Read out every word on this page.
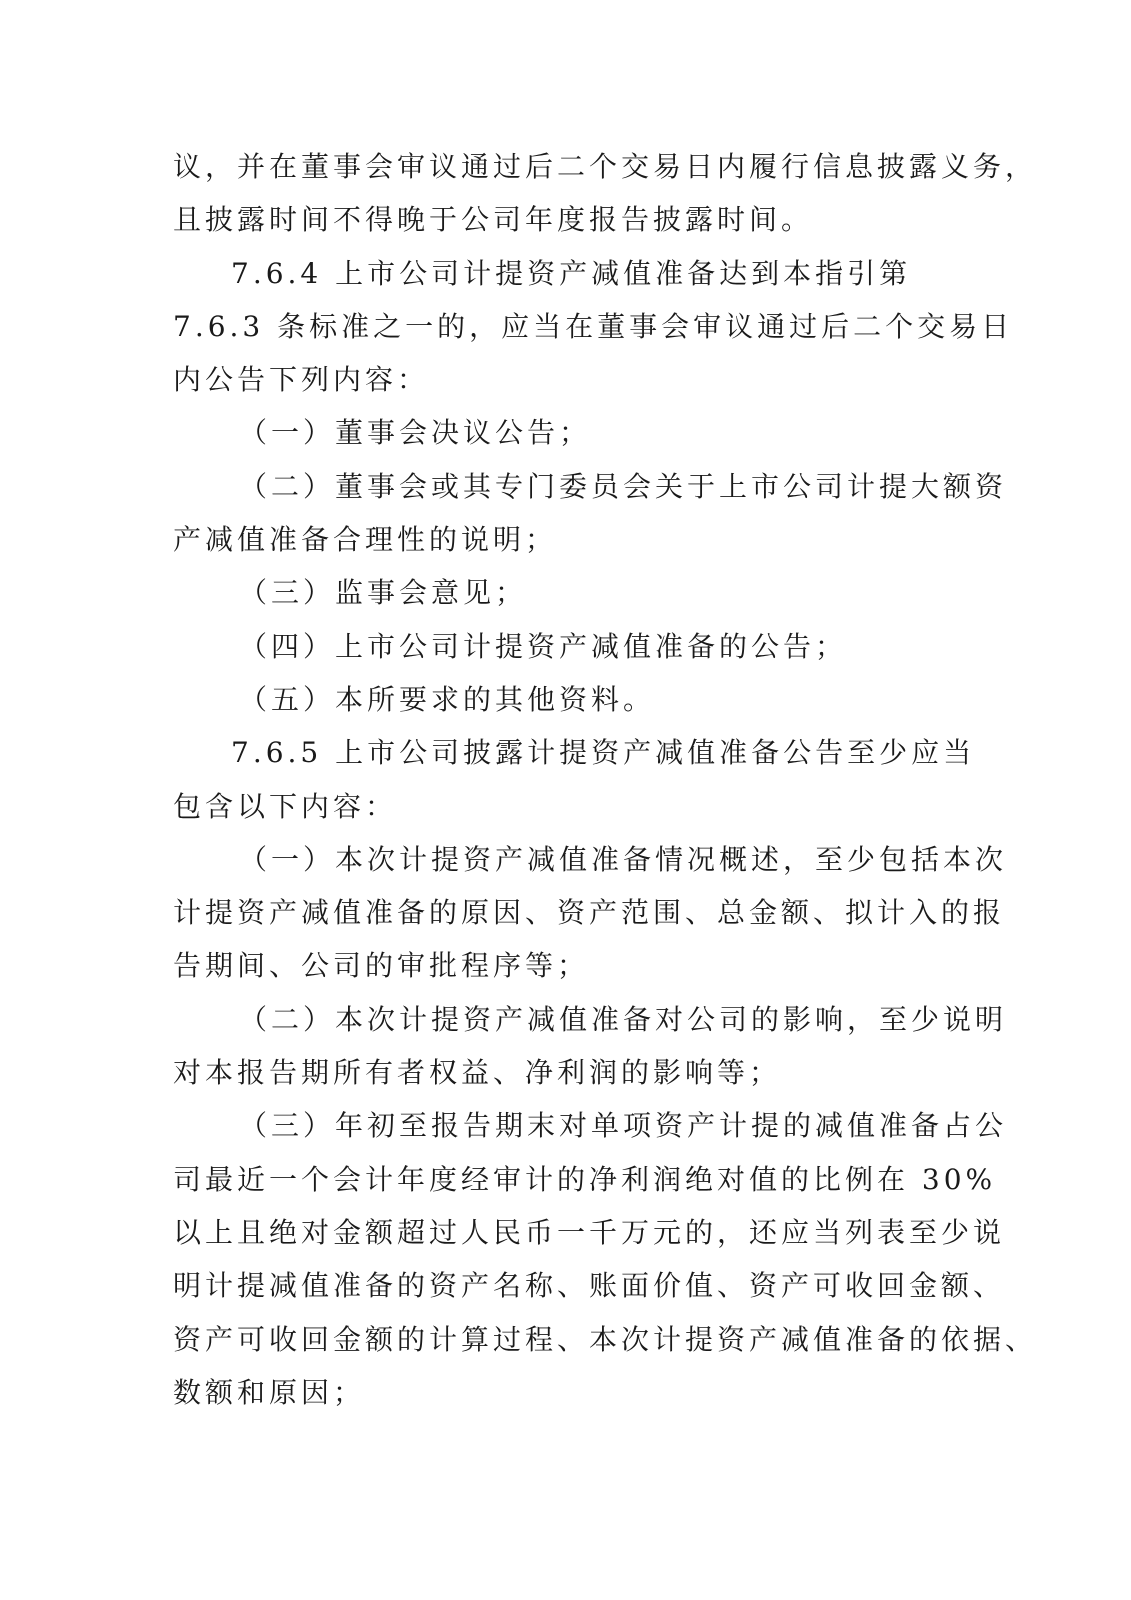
议，并在董事会审议通过后二个交易日内履行信息披露义务，
且披露时间不得晚于公司年度报告披露时间。
7.6.4 上市公司计提资产减值准备达到本指引第
7.6.3 条标准之一的，应当在董事会审议通过后二个交易日
内公告下列内容：
（一）董事会决议公告；
（二）董事会或其专门委员会关于上市公司计提大额资
产减值准备合理性的说明；
（三）监事会意见；
（四）上市公司计提资产减值准备的公告；
（五）本所要求的其他资料。
7.6.5 上市公司披露计提资产减值准备公告至少应当
包含以下内容：
（一）本次计提资产减值准备情况概述，至少包括本次
计提资产减值准备的原因、资产范围、总金额、拟计入的报
告期间、公司的审批程序等；
（二）本次计提资产减值准备对公司的影响，至少说明
对本报告期所有者权益、净利润的影响等；
（三）年初至报告期末对单项资产计提的减值准备占公
司最近一个会计年度经审计的净利润绝对值的比例在 30%
以上且绝对金额超过人民币一千万元的，还应当列表至少说
明计提减值准备的资产名称、账面价值、资产可收回金额、
资产可收回金额的计算过程、本次计提资产减值准备的依据、
数额和原因；
